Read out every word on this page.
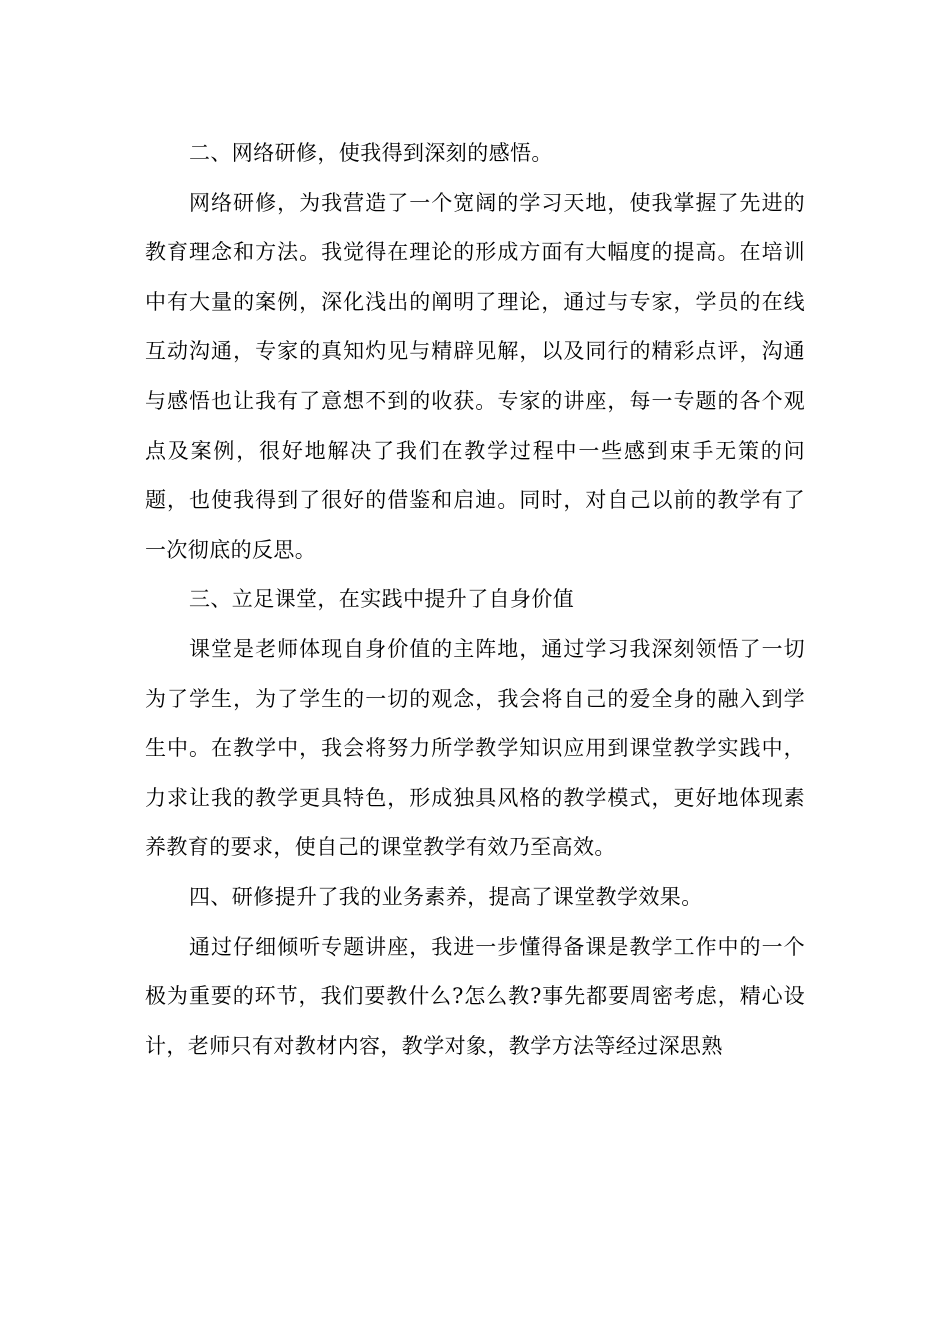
二、网络研修，使我得到深刻的感悟。

网络研修，为我营造了一个宽阔的学习天地，使我掌握了先进的教育理念和方法。我觉得在理论的形成方面有大幅度的提高。在培训中有大量的案例，深化浅出的阐明了理论，通过与专家，学员的在线互动沟通，专家的真知灼见与精辟见解，以及同行的精彩点评，沟通与感悟也让我有了意想不到的收获。专家的讲座，每一专题的各个观点及案例，很好地解决了我们在教学过程中一些感到束手无策的问题，也使我得到了很好的借鉴和启迪。同时，对自己以前的教学有了一次彻底的反思。

三、立足课堂，在实践中提升了自身价值

课堂是老师体现自身价值的主阵地，通过学习我深刻领悟了一切为了学生，为了学生的一切的观念，我会将自己的爱全身的融入到学生中。在教学中，我会将努力所学教学知识应用到课堂教学实践中，力求让我的教学更具特色，形成独具风格的教学模式，更好地体现素养教育的要求，使自己的课堂教学有效乃至高效。

四、研修提升了我的业务素养，提高了课堂教学效果。

通过仔细倾听专题讲座，我进一步懂得备课是教学工作中的一个极为重要的环节，我们要教什么?怎么教?事先都要周密考虑，精心设计，老师只有对教材内容，教学对象，教学方法等经过深思熟
